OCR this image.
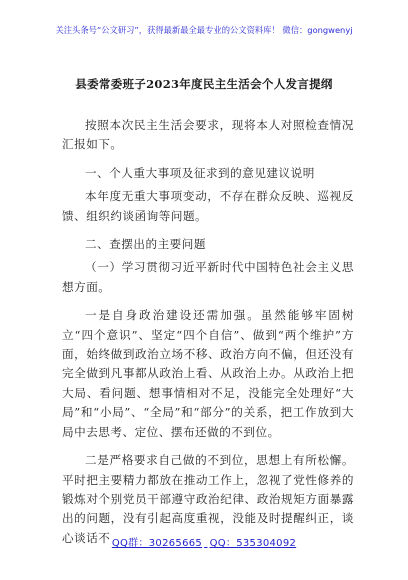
关注头条号“公文研习”，获得最新最全最专业的公文资料库！ 微信：gongwenyj
县委常委班子2023年度民主生活会个人发言提纲

按照本次民主生活会要求，现将本人对照检查情况汇报如下。

一、个人重大事项及征求到的意见建议说明

本年度无重大事项变动，不存在群众反映、巡视反馈、组织约谈函询等问题。

二、查摆出的主要问题

（一）学习贯彻习近平新时代中国特色社会主义思想方面。

一是自身政治建设还需加强。虽然能够牢固树立“四个意识”、坚定“四个自信”、做到“两个维护”方面，始终做到政治立场不移、政治方向不偏，但还没有完全做到凡事都从政治上看、从政治上办。从政治上把大局、看问题、想事情相对不足，没能完全处理好“大局”和“小局”、“全局”和“部分”的关系，把工作放到大局中去思考、定位、摆布还做的不到位。

二是严格要求自己做的不到位，思想上有所松懈。平时把主要精力都放在推动工作上，忽视了党性修养的锻炼对个别党员干部遵守政治纪律、政治规矩方面暴露出的问题，没有引起高度重视，没能及时提醒纠正，谈心谈话不 QQ群：30265665 QQ：535304092
